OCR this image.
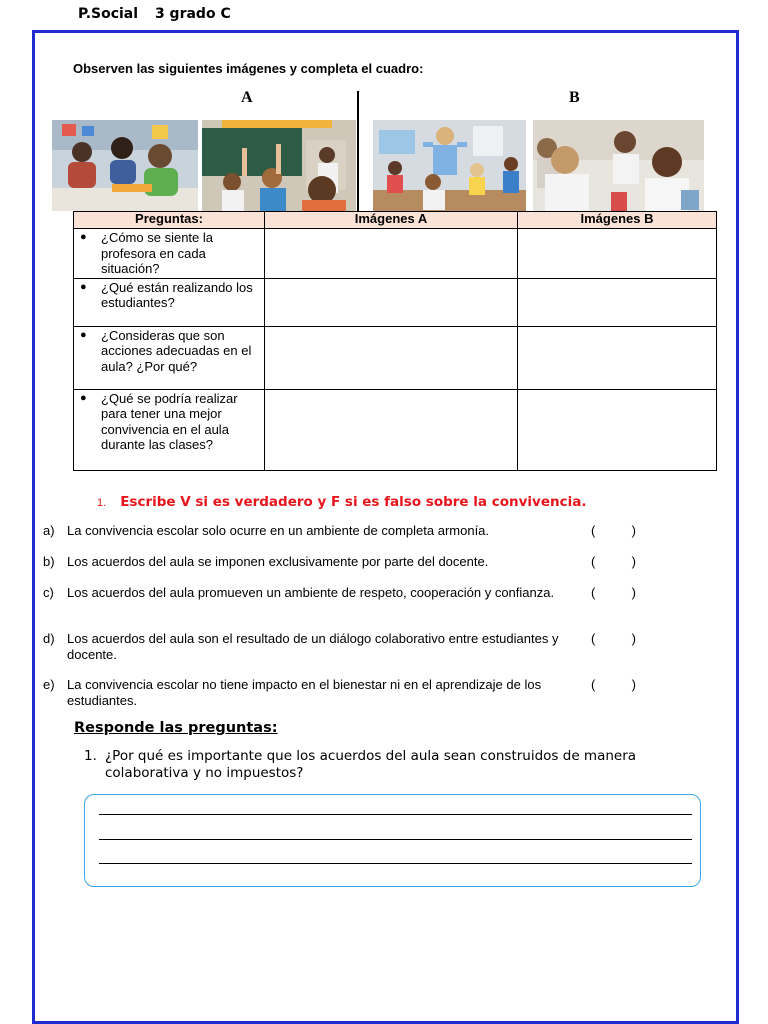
P.Social 3 grado C
Observen las siguientes imágenes y completa el cuadro:
A	B
Preguntas:	Imágenes A	Imágenes B

● ¿Cómo se siente la profesora en cada situación?		

● ¿Qué están realizando los estudiantes?		

● ¿Consideras que son acciones adecuadas en el aula? ¿Por qué?		

● ¿Qué se podría realizar para tener una mejor convivencia en el aula durante las clases?		

1. Escribe V si es verdadero y F si es falso sobre la convivencia.
a) La convivencia escolar solo ocurre en un ambiente de completa armonía.	(	)
b) Los acuerdos del aula se imponen exclusivamente por parte del docente.	(	)
c) Los acuerdos del aula promueven un ambiente de respeto, cooperación y confianza.	(	)
d) Los acuerdos del aula son el resultado de un diálogo colaborativo entre estudiantes y docente.
(	)
e) La convivencia escolar no tiene impacto en el bienestar ni en el aprendizaje de los estudiantes.
(	)
Responde las preguntas:
1. ¿Por qué es importante que los acuerdos del aula sean construidos de manera colaborativa y no impuestos?
